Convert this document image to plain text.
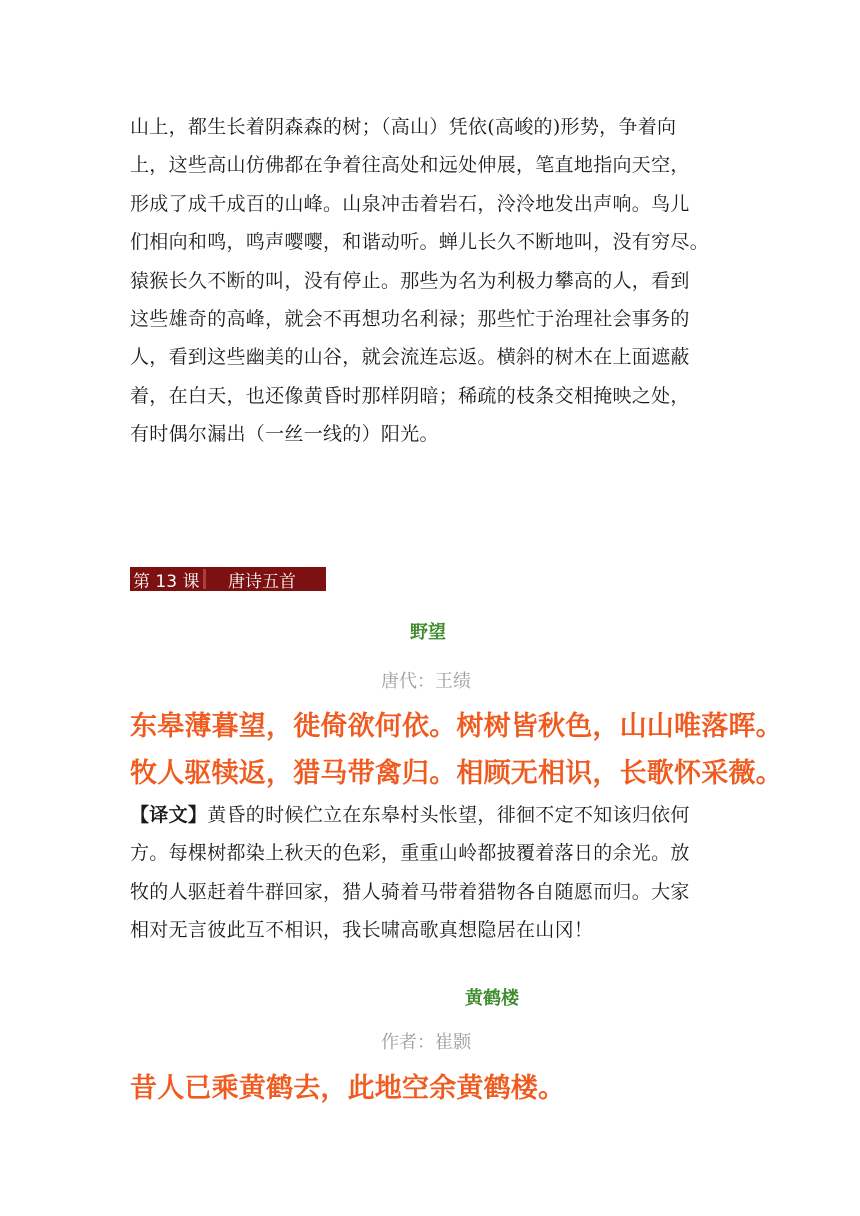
山上，都生长着阴森森的树；（高山）凭依(高峻的)形势，争着向
上，这些高山仿佛都在争着往高处和远处伸展，笔直地指向天空，
形成了成千成百的山峰。山泉冲击着岩石，泠泠地发出声响。鸟儿
们相向和鸣，鸣声嘤嘤，和谐动听。蝉儿长久不断地叫，没有穷尽。
猿猴长久不断的叫，没有停止。那些为名为利极力攀高的人，看到
这些雄奇的高峰，就会不再想功名利禄；那些忙于治理社会事务的
人，看到这些幽美的山谷，就会流连忘返。横斜的树木在上面遮蔽
着，在白天，也还像黄昏时那样阴暗；稀疏的枝条交相掩映之处，
有时偶尔漏出（一丝一线的）阳光。

第 13 课 唐诗五首
野望
唐代：王绩
东皋薄暮望，徙倚欲何依。树树皆秋色，山山唯落晖。
牧人驱犊返，猎马带禽归。相顾无相识，长歌怀采薇。

【译文】黄昏的时候伫立在东皋村头怅望，徘徊不定不知该归依何
方。每棵树都染上秋天的色彩，重重山岭都披覆着落日的余光。放
牧的人驱赶着牛群回家，猎人骑着马带着猎物各自随愿而归。大家
相对无言彼此互不相识，我长啸高歌真想隐居在山冈！

黄鹤楼
作者：崔颢
昔人已乘黄鹤去，此地空余黄鹤楼。
